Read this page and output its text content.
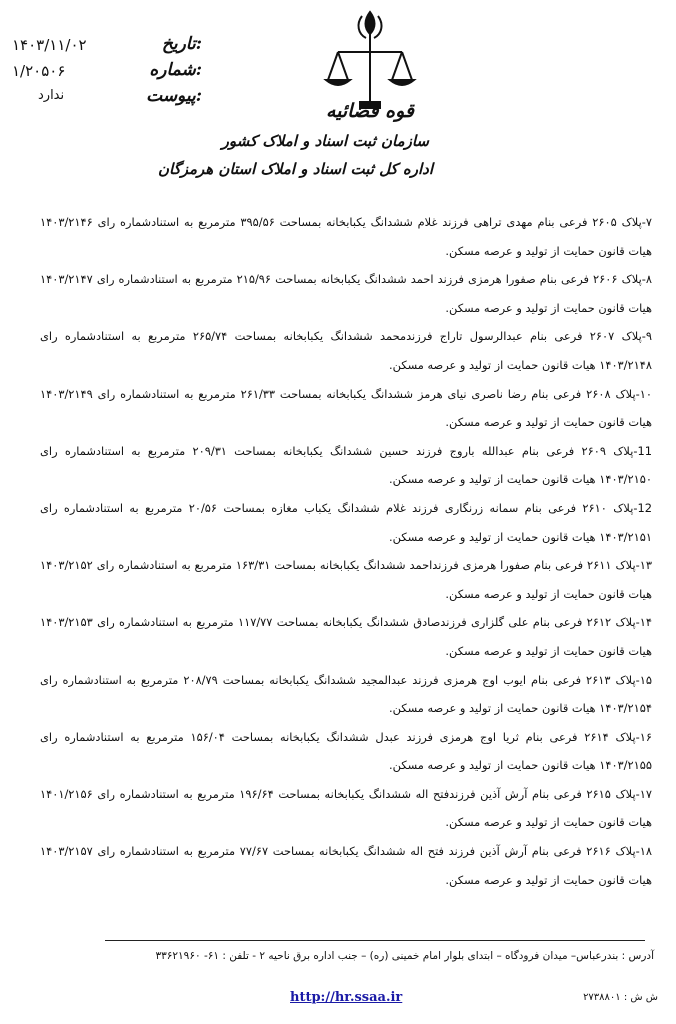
۱۴۰۳/۱۱/۰۲	تاریخ:
۱/۲۰۵۰۶	شماره:
ندارد	پیوست:
قوه قضائیه
سازمان ثبت اسناد و املاک کشور
اداره کل ثبت اسناد و املاک استان هرمزگان

۷-پلاک ۲۶۰۵ فرعی بنام مهدی تراهی فرزند غلام ششدانگ یکبابخانه بمساحت ۳۹۵/۵۶ مترمربع به استنادشماره رای ۱۴۰۳/۲۱۴۶ هیات قانون حمایت از تولید و عرصه مسکن.

۸-پلاک ۲۶۰۶ فرعی بنام صفورا هرمزی فرزند احمد ششدانگ یکبابخانه بمساحت ۲۱۵/۹۶ مترمربع به استنادشماره رای ۱۴۰۳/۲۱۴۷ هیات قانون حمایت از تولید و عرصه مسکن.

۹-پلاک ۲۶۰۷ فرعی بنام عبدالرسول تاراج فرزندمحمد ششدانگ یکبابخانه بمساحت ۲۶۵/۷۴ مترمربع به استنادشماره رای ۱۴۰۳/۲۱۴۸ هیات قانون حمایت از تولید و عرصه مسکن.

۱۰-پلاک ۲۶۰۸ فرعی بنام رضا ناصری نیای هرمز ششدانگ یکبابخانه بمساحت ۲۶۱/۳۳ مترمربع به استنادشماره رای ۱۴۰۳/۲۱۴۹ هیات قانون حمایت از تولید و عرصه مسکن.

11-پلاک ۲۶۰۹ فرعی بنام عبدالله باروج فرزند حسین ششدانگ یکبابخانه بمساحت ۲۰۹/۳۱ مترمربع به استنادشماره رای ۱۴۰۳/۲۱۵۰ هیات قانون حمایت از تولید و عرصه مسکن.

12-پلاک ۲۶۱۰ فرعی بنام سمانه زرنگاری فرزند غلام ششدانگ یکباب مغازه بمساحت ۲۰/۵۶ مترمربع به استنادشماره رای ۱۴۰۳/۲۱۵۱ هیات قانون حمایت از تولید و عرصه مسکن.

۱۳-پلاک ۲۶۱۱ فرعی بنام صفورا هرمزی فرزنداحمد ششدانگ یکبابخانه بمساحت ۱۶۳/۳۱ مترمربع به استنادشماره رای ۱۴۰۳/۲۱۵۲ هیات قانون حمایت از تولید و عرصه مسکن.

۱۴-پلاک ۲۶۱۲ فرعی بنام علی گلزاری فرزندصادق ششدانگ یکبابخانه بمساحت ۱۱۷/۷۷ مترمربع به استنادشماره رای ۱۴۰۳/۲۱۵۳ هیات قانون حمایت از تولید و عرصه مسکن.

۱۵-پلاک ۲۶۱۳ فرعی بنام ایوب اوج هرمزی فرزند عبدالمجید ششدانگ یکبابخانه بمساحت ۲۰۸/۷۹ مترمربع به استنادشماره رای ۱۴۰۳/۲۱۵۴ هیات قانون حمایت از تولید و عرصه مسکن.

۱۶-پلاک ۲۶۱۴ فرعی بنام ثریا اوج هرمزی فرزند عبدل ششدانگ یکبابخانه بمساحت ۱۵۶/۰۴ مترمربع به استنادشماره رای ۱۴۰۳/۲۱۵۵ هیات قانون حمایت از تولید و عرصه مسکن.

۱۷-پلاک ۲۶۱۵ فرعی بنام آرش آذین فرزندفتح اله ششدانگ یکبابخانه بمساحت ۱۹۶/۶۴ مترمربع به استنادشماره رای ۱۴۰۱/۲۱۵۶ هیات قانون حمایت از تولید و عرصه مسکن.

۱۸-پلاک ۲۶۱۶ فرعی بنام آرش آذین فرزند فتح اله ششدانگ یکبابخانه بمساحت ۷۷/۶۷ مترمربع به استنادشماره رای ۱۴۰۳/۲۱۵۷ هیات قانون حمایت از تولید و عرصه مسکن.

آدرس : بندرعباس– میدان فرودگاه – ابتدای بلوار امام خمینی (ره) – جنب اداره برق ناحیه ۲ - تلفن : ۶۱- ۳۳۶۲۱۹۶۰
ش ش : ۲۷۳۸۸۰۱
http://hr.ssaa.ir
